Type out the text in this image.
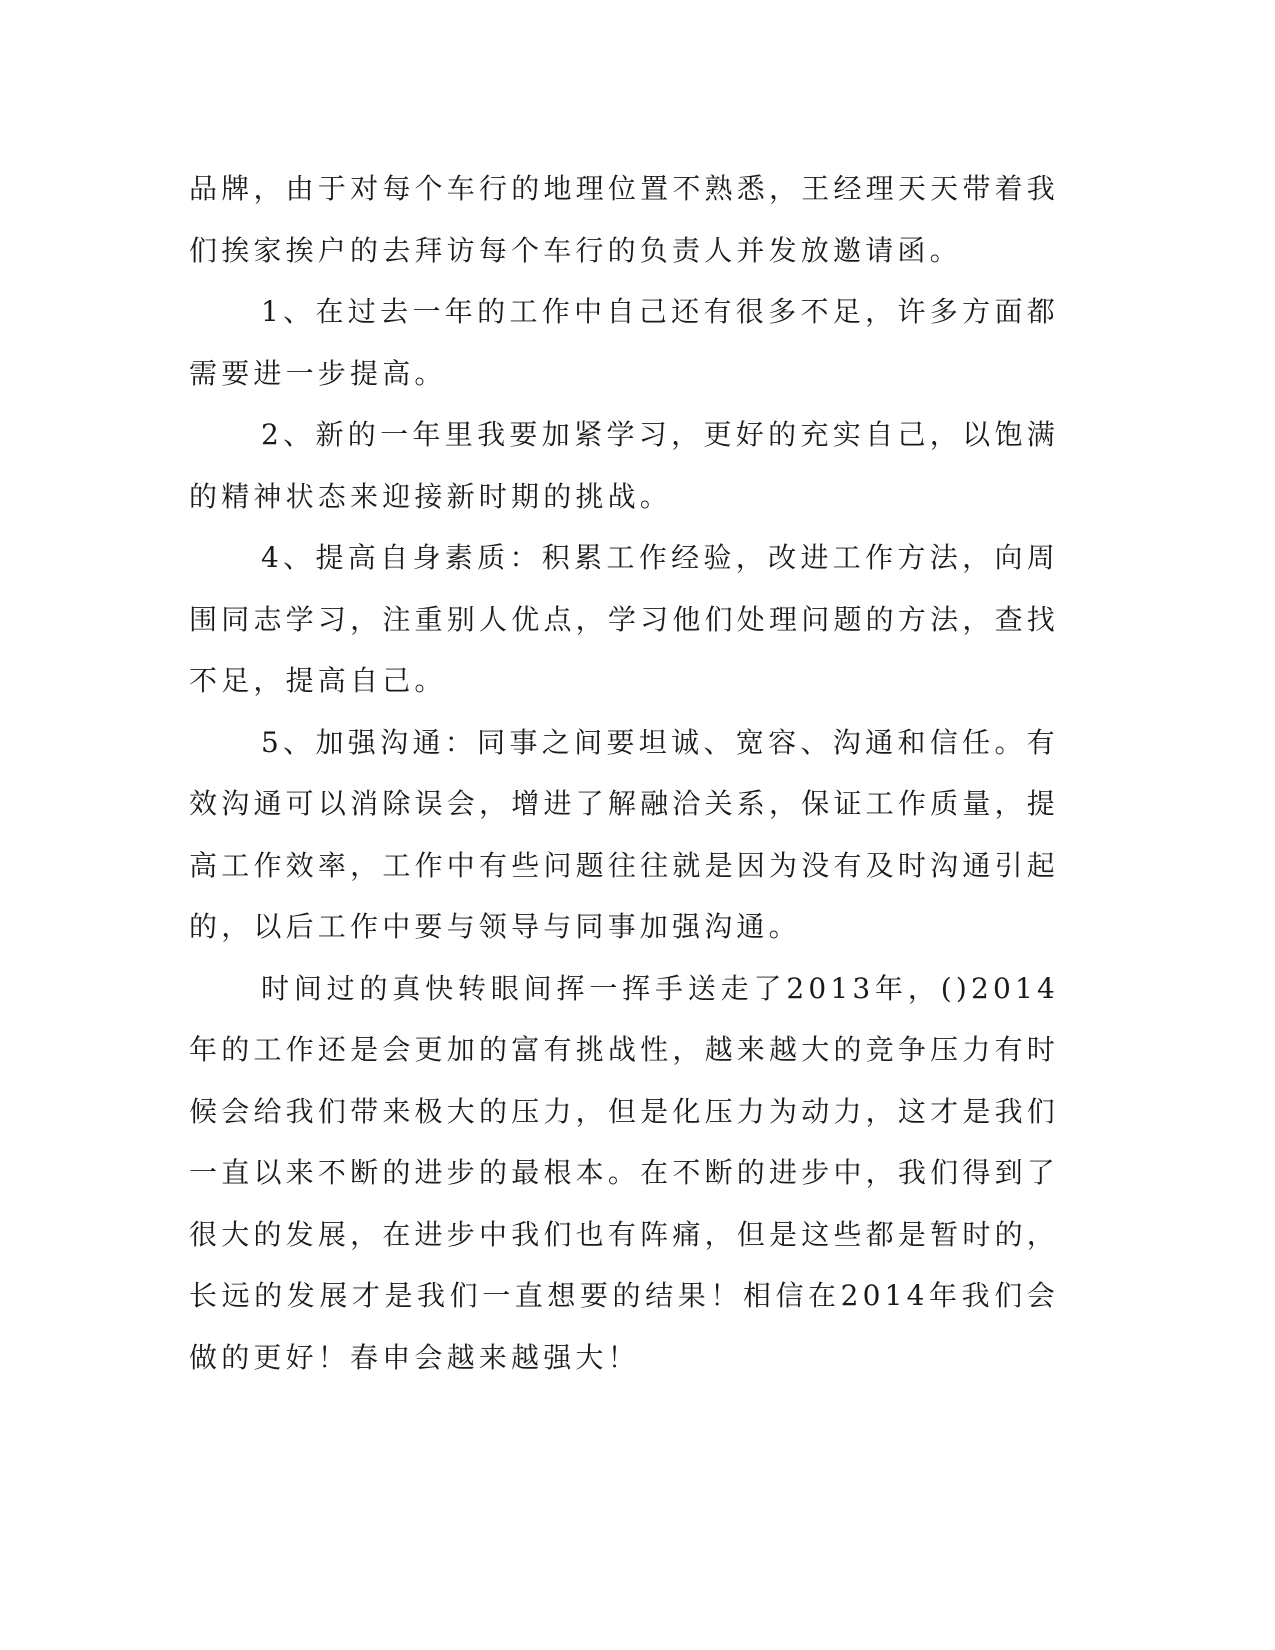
品牌，由于对每个车行的地理位置不熟悉，王经理天天带着我们挨家挨户的去拜访每个车行的负责人并发放邀请函。

1、在过去一年的工作中自己还有很多不足，许多方面都需要进一步提高。

2、新的一年里我要加紧学习，更好的充实自己，以饱满的精神状态来迎接新时期的挑战。

4、提高自身素质：积累工作经验，改进工作方法，向周围同志学习，注重别人优点，学习他们处理问题的方法，查找不足，提高自己。

5、加强沟通：同事之间要坦诚、宽容、沟通和信任。有效沟通可以消除误会，增进了解融洽关系，保证工作质量，提高工作效率，工作中有些问题往往就是因为没有及时沟通引起的，以后工作中要与领导与同事加强沟通。

时间过的真快转眼间挥一挥手送走了2013年，()2014年的工作还是会更加的富有挑战性，越来越大的竞争压力有时候会给我们带来极大的压力，但是化压力为动力，这才是我们一直以来不断的进步的最根本。在不断的进步中，我们得到了很大的发展，在进步中我们也有阵痛，但是这些都是暂时的，长远的发展才是我们一直想要的结果！相信在2014年我们会做的更好！春申会越来越强大！
